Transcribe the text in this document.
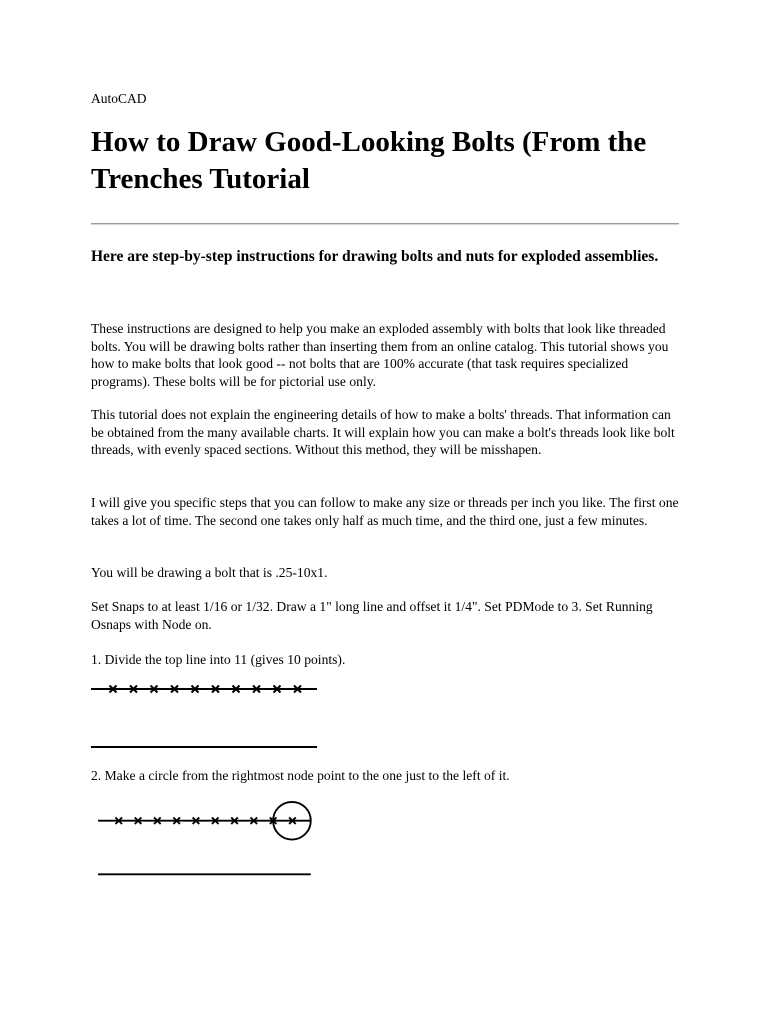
AutoCAD

How to Draw Good-Looking Bolts (From the Trenches Tutorial

Here are step-by-step instructions for drawing bolts and nuts for exploded assemblies.

These instructions are designed to help you make an exploded assembly with bolts that look like threaded bolts. You will be drawing bolts rather than inserting them from an online catalog. This tutorial shows you how to make bolts that look good -- not bolts that are 100% accurate (that task requires specialized programs). These bolts will be for pictorial use only.

This tutorial does not explain the engineering details of how to make a bolts' threads. That information can be obtained from the many available charts. It will explain how you can make a bolt's threads look like bolt threads, with evenly spaced sections. Without this method, they will be misshapen.

I will give you specific steps that you can follow to make any size or threads per inch you like. The first one takes a lot of time. The second one takes only half as much time, and the third one, just a few minutes.

You will be drawing a bolt that is .25-10x1.

Set Snaps to at least 1/16 or 1/32. Draw a 1" long line and offset it 1/4". Set PDMode to 3. Set Running Osnaps with Node on.

1. Divide the top line into 11 (gives 10 points).

2. Make a circle from the rightmost node point to the one just to the left of it.
